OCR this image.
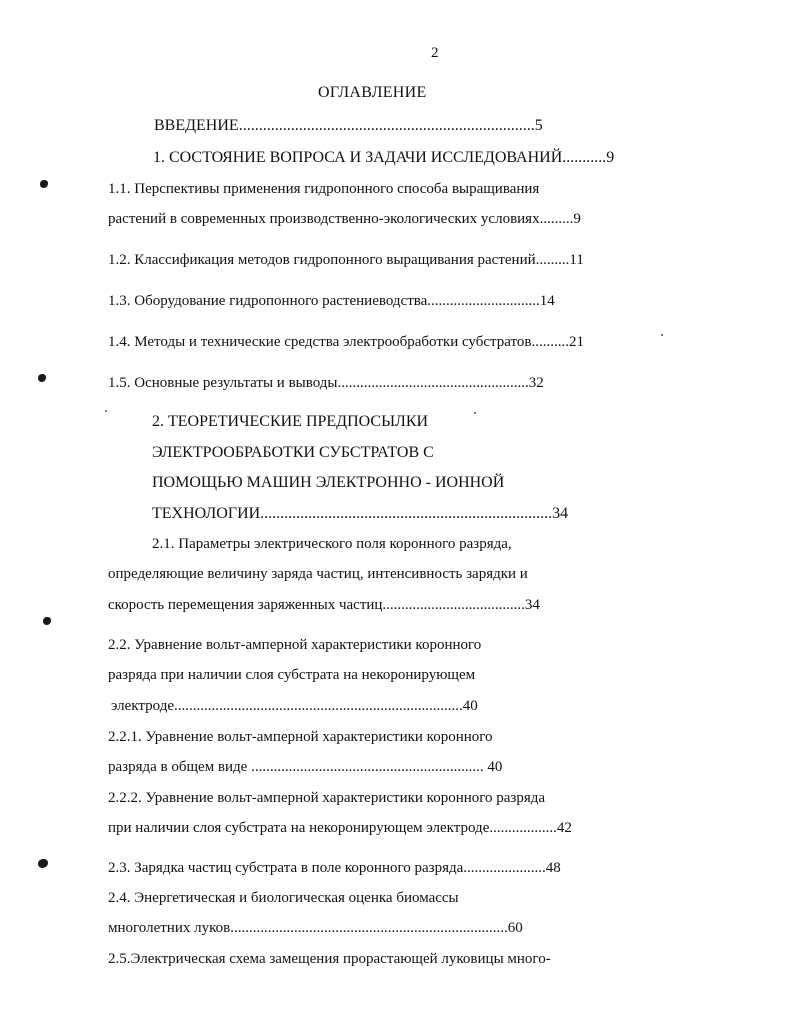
2
ОГЛАВЛЕНИЕ
ВВЕДЕНИЕ..........................................................................5
1. СОСТОЯНИЕ ВОПРОСА И ЗАДАЧИ ИССЛЕДОВАНИЙ...........9
1.1. Перспективы применения гидропонного способа выращивания
растений в современных производственно-экологических условиях.........9
1.2. Классификация методов гидропонного выращивания растений.........11
1.3. Оборудование гидропонного растениеводства..............................14
1.4. Методы и технические средства электрообработки субстратов..........21
1.5. Основные результаты и выводы...................................................32
2. ТЕОРЕТИЧЕСКИЕ ПРЕДПОСЫЛКИ
ЭЛЕКТРООБРАБОТКИ СУБСТРАТОВ С
ПОМОЩЬЮ МАШИН ЭЛЕКТРОННО - ИОННОЙ
ТЕХНОЛОГИИ.........................................................................34
2.1. Параметры электрического поля коронного разряда,
определяющие величину заряда частиц, интенсивность зарядки и
скорость перемещения заряженных частиц......................................34
2.2. Уравнение вольт-амперной характеристики коронного
разряда при наличии слоя субстрата на некоронирующем
электроде.............................................................................40
2.2.1. Уравнение вольт-амперной характеристики коронного
разряда в общем виде .............................................................. 40
2.2.2. Уравнение вольт-амперной характеристики коронного разряда
при наличии слоя субстрата на некоронирующем электроде..................42
2.3. Зарядка частиц субстрата в поле коронного разряда......................48
2.4. Энергетическая и биологическая оценка биомассы
многолетних луков..........................................................................60
2.5.Электрическая схема замещения прорастающей луковицы много-
